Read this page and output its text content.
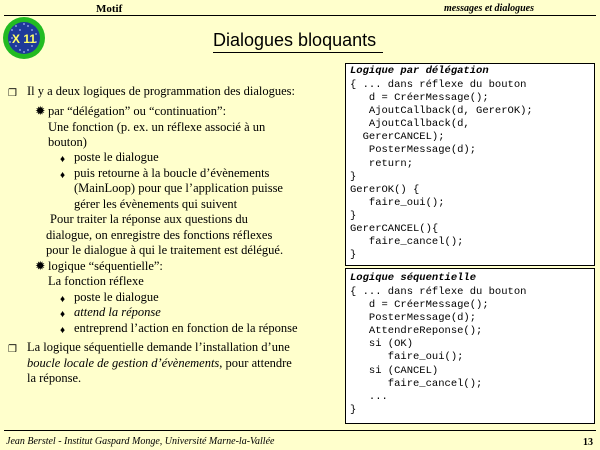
Motif	messages et dialogues
X 11	Dialogues bloquants
❒ Il y a deux logiques de programmation des dialogues:
✹ par “délégation” ou “continuation”:
Une fonction (p. ex. un réflexe associé à un
bouton)
♦ poste le dialogue
♦ puis retourne à la boucle d’évènements
(MainLoop) pour que l’application puisse
gérer les évènements qui suivent
Pour traiter la réponse aux questions du
dialogue, on enregistre des fonctions réflexes
pour le dialogue à qui le traitement est délégué.
✹ logique “séquentielle”:
La fonction réflexe
♦ poste le dialogue
♦ attend la réponse
♦ entreprend l’action en fonction de la réponse
❒ La logique séquentielle demande l’installation d’une
boucle locale de gestion d’évènements, pour attendre
la réponse.
Logique par délégation
{ ... dans réflexe du bouton
d = CréerMessage();
AjoutCallback(d, GererOK);
AjoutCallback(d,
GererCANCEL);
PosterMessage(d);
return;
}
GererOK() {
faire_oui();
}
GererCANCEL(){
faire_cancel();
}
Logique séquentielle
{ ... dans réflexe du bouton
d = CréerMessage();
PosterMessage(d);
AttendreReponse();
si (OK)
faire_oui();
si (CANCEL)
faire_cancel();
...
}
Jean Berstel - Institut Gaspard Monge, Université Marne-la-Vallée	13
